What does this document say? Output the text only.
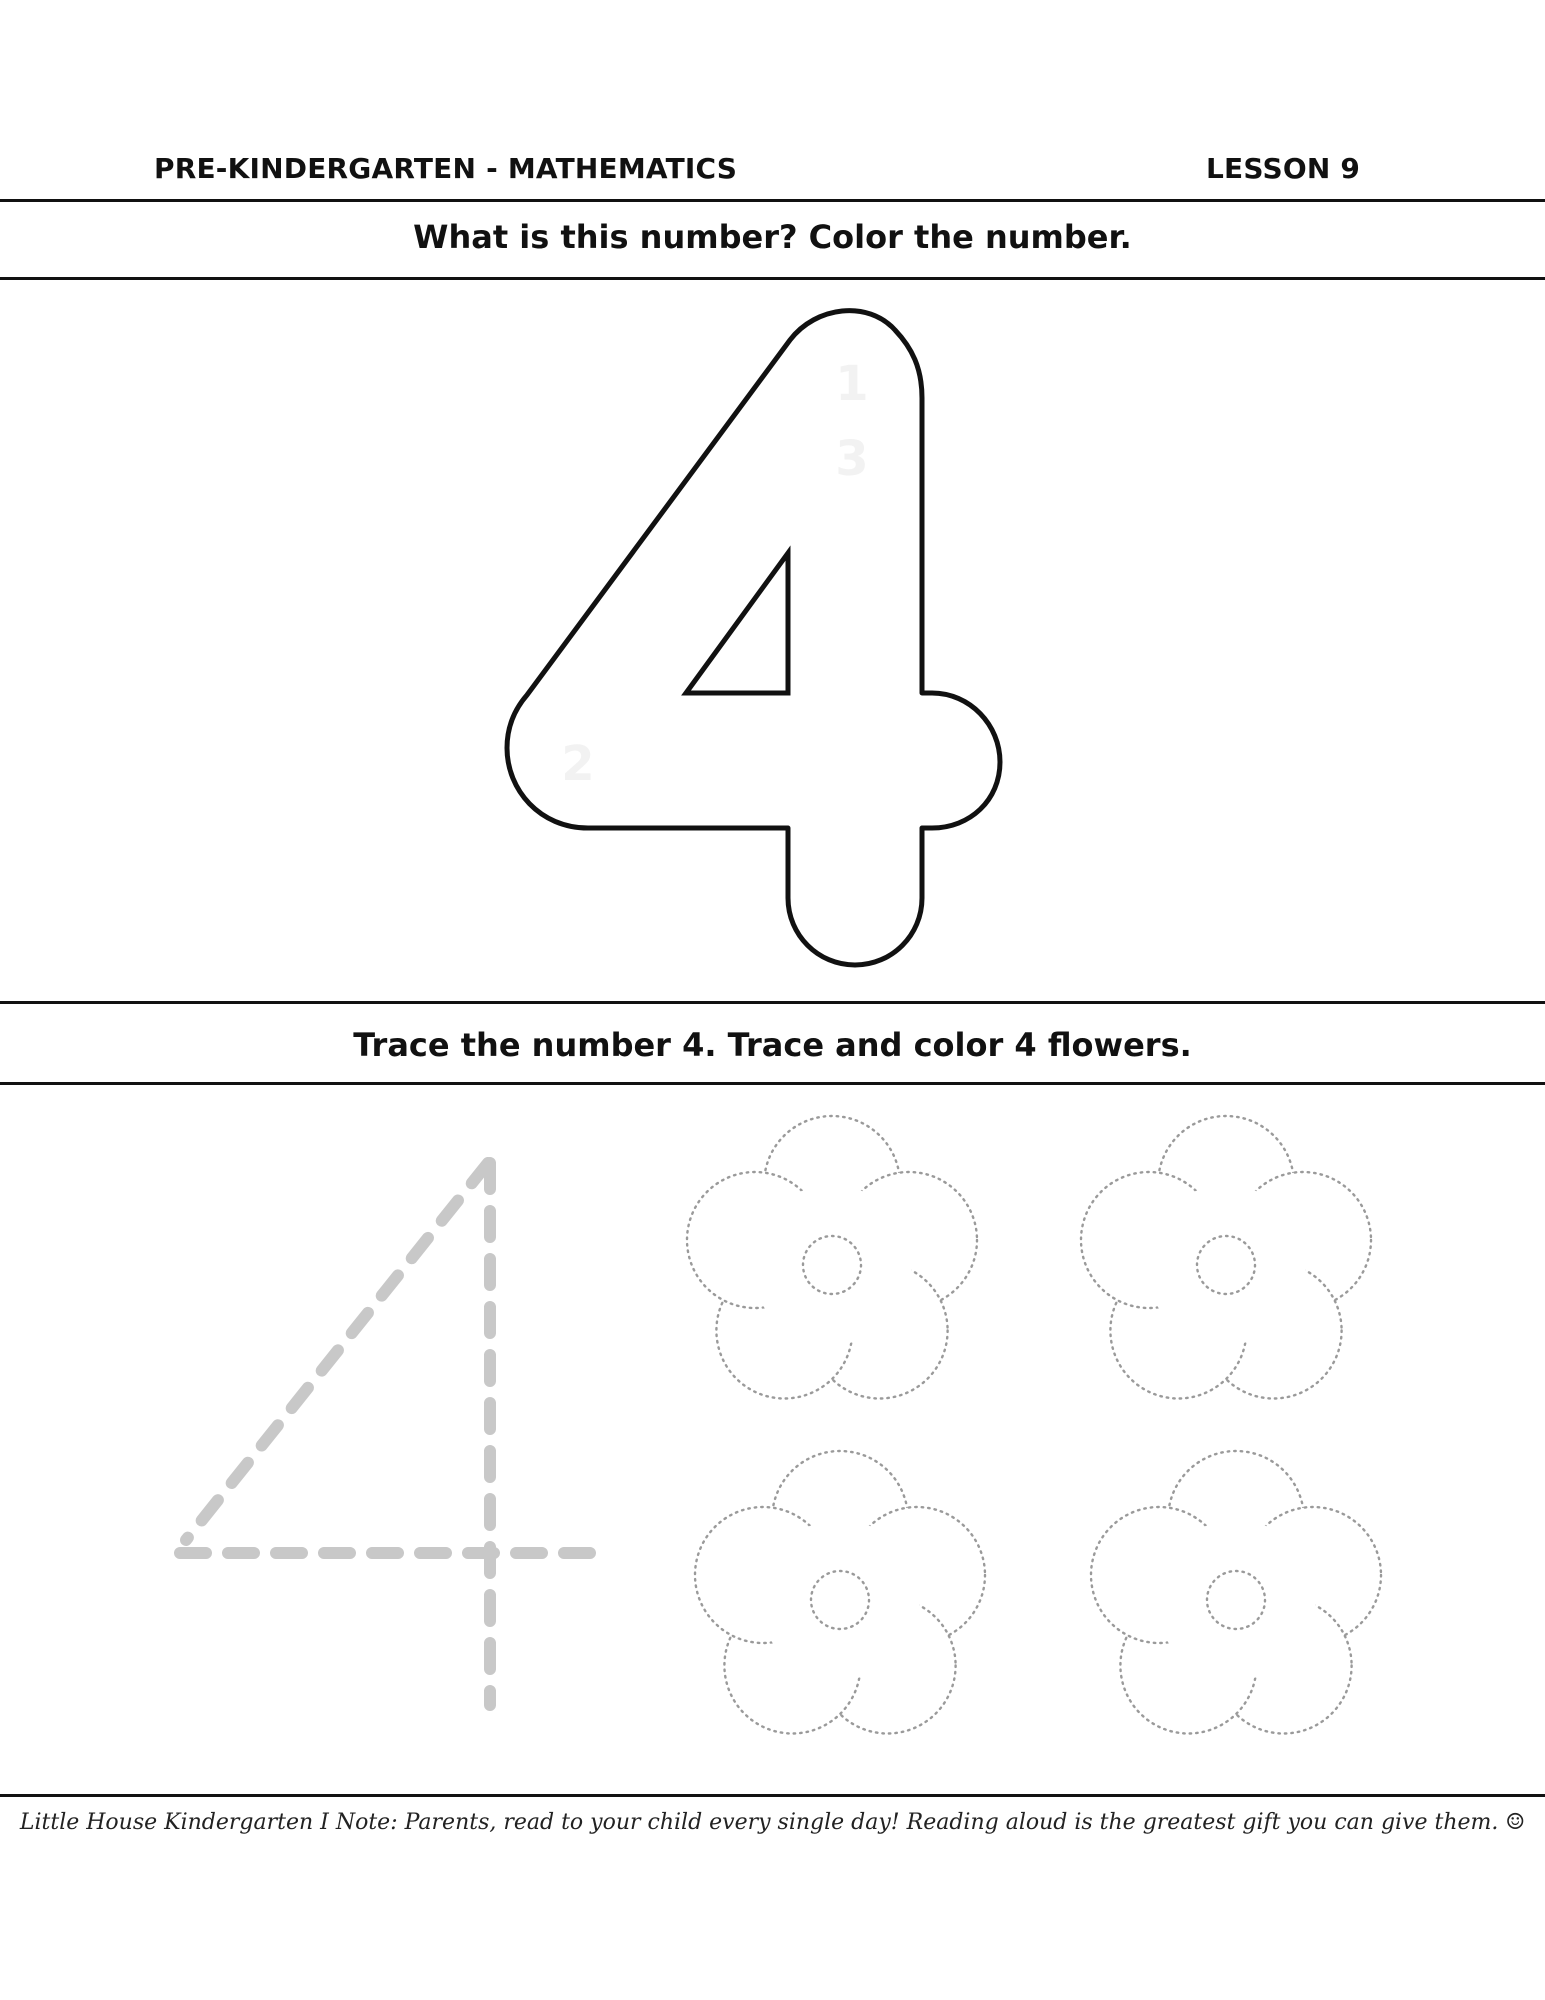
PRE-KINDERGARTEN - MATHEMATICS	LESSON 9
What is this number? Color the number.
1
3
2
Trace the number 4. Trace and color 4 flowers.
Little House Kindergarten I Note: Parents, read to your child every single day! Reading aloud is the greatest gift you can give them. ☺
